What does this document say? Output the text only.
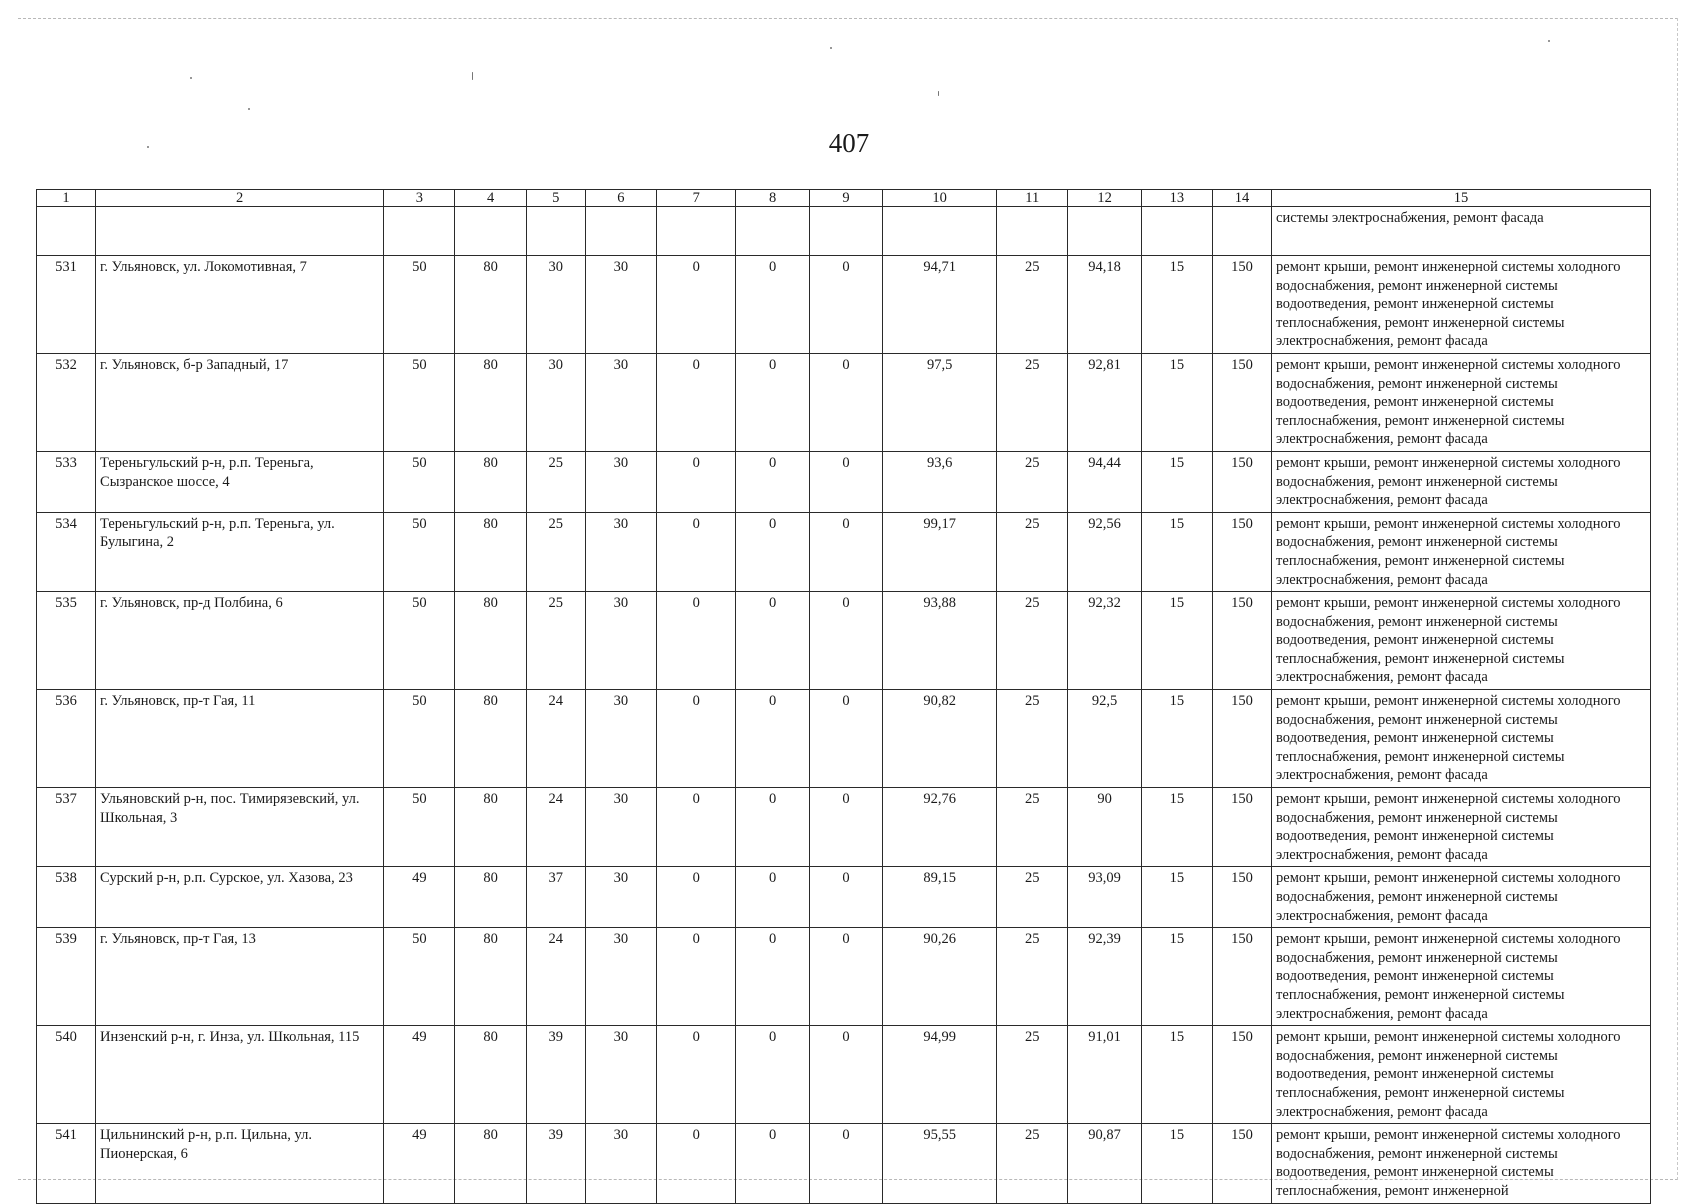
407
1	2	3	4	5	6	7	8	9	10	11	12	13	14	15
														системы электроснабжения, ремонт фасада
531	г. Ульяновск, ул. Локомотивная, 7	50	80	30	30	0	0	0	94,71	25	94,18	15	150	ремонт крыши, ремонт инженерной системы холодного водоснабжения, ремонт инженерной системы водоотведения, ремонт инженерной системы теплоснабжения, ремонт инженерной системы электроснабжения, ремонт фасада
532	г. Ульяновск, б-р Западный, 17	50	80	30	30	0	0	0	97,5	25	92,81	15	150	ремонт крыши, ремонт инженерной системы холодного водоснабжения, ремонт инженерной системы водоотведения, ремонт инженерной системы теплоснабжения, ремонт инженерной системы электроснабжения, ремонт фасада
533	Тереньгульский р-н, р.п. Тереньга, Сызранское шоссе, 4	50	80	25	30	0	0	0	93,6	25	94,44	15	150	ремонт крыши, ремонт инженерной системы холодного водоснабжения, ремонт инженерной системы электроснабжения, ремонт фасада
534	Тереньгульский р-н, р.п. Тереньга, ул. Булыгина, 2	50	80	25	30	0	0	0	99,17	25	92,56	15	150	ремонт крыши, ремонт инженерной системы холодного водоснабжения, ремонт инженерной системы теплоснабжения, ремонт инженерной системы электроснабжения, ремонт фасада
535	г. Ульяновск, пр-д Полбина, 6	50	80	25	30	0	0	0	93,88	25	92,32	15	150	ремонт крыши, ремонт инженерной системы холодного водоснабжения, ремонт инженерной системы водоотведения, ремонт инженерной системы теплоснабжения, ремонт инженерной системы электроснабжения, ремонт фасада
536	г. Ульяновск, пр-т Гая, 11	50	80	24	30	0	0	0	90,82	25	92,5	15	150	ремонт крыши, ремонт инженерной системы холодного водоснабжения, ремонт инженерной системы водоотведения, ремонт инженерной системы теплоснабжения, ремонт инженерной системы электроснабжения, ремонт фасада
537	Ульяновский р-н, пос. Тимирязевский, ул. Школьная, 3	50	80	24	30	0	0	0	92,76	25	90	15	150	ремонт крыши, ремонт инженерной системы холодного водоснабжения, ремонт инженерной системы водоотведения, ремонт инженерной системы электроснабжения, ремонт фасада
538	Сурский р-н, р.п. Сурское, ул. Хазова, 23	49	80	37	30	0	0	0	89,15	25	93,09	15	150	ремонт крыши, ремонт инженерной системы холодного водоснабжения, ремонт инженерной системы электроснабжения, ремонт фасада
539	г. Ульяновск, пр-т Гая, 13	50	80	24	30	0	0	0	90,26	25	92,39	15	150	ремонт крыши, ремонт инженерной системы холодного водоснабжения, ремонт инженерной системы водоотведения, ремонт инженерной системы теплоснабжения, ремонт инженерной системы электроснабжения, ремонт фасада
540	Инзенский р-н, г. Инза, ул. Школьная, 115	49	80	39	30	0	0	0	94,99	25	91,01	15	150	ремонт крыши, ремонт инженерной системы холодного водоснабжения, ремонт инженерной системы водоотведения, ремонт инженерной системы теплоснабжения, ремонт инженерной системы электроснабжения, ремонт фасада
541	Цильнинский р-н, р.п. Цильна, ул. Пионерская, 6	49	80	39	30	0	0	0	95,55	25	90,87	15	150	ремонт крыши, ремонт инженерной системы холодного водоснабжения, ремонт инженерной системы водоотведения, ремонт инженерной системы теплоснабжения, ремонт инженерной
